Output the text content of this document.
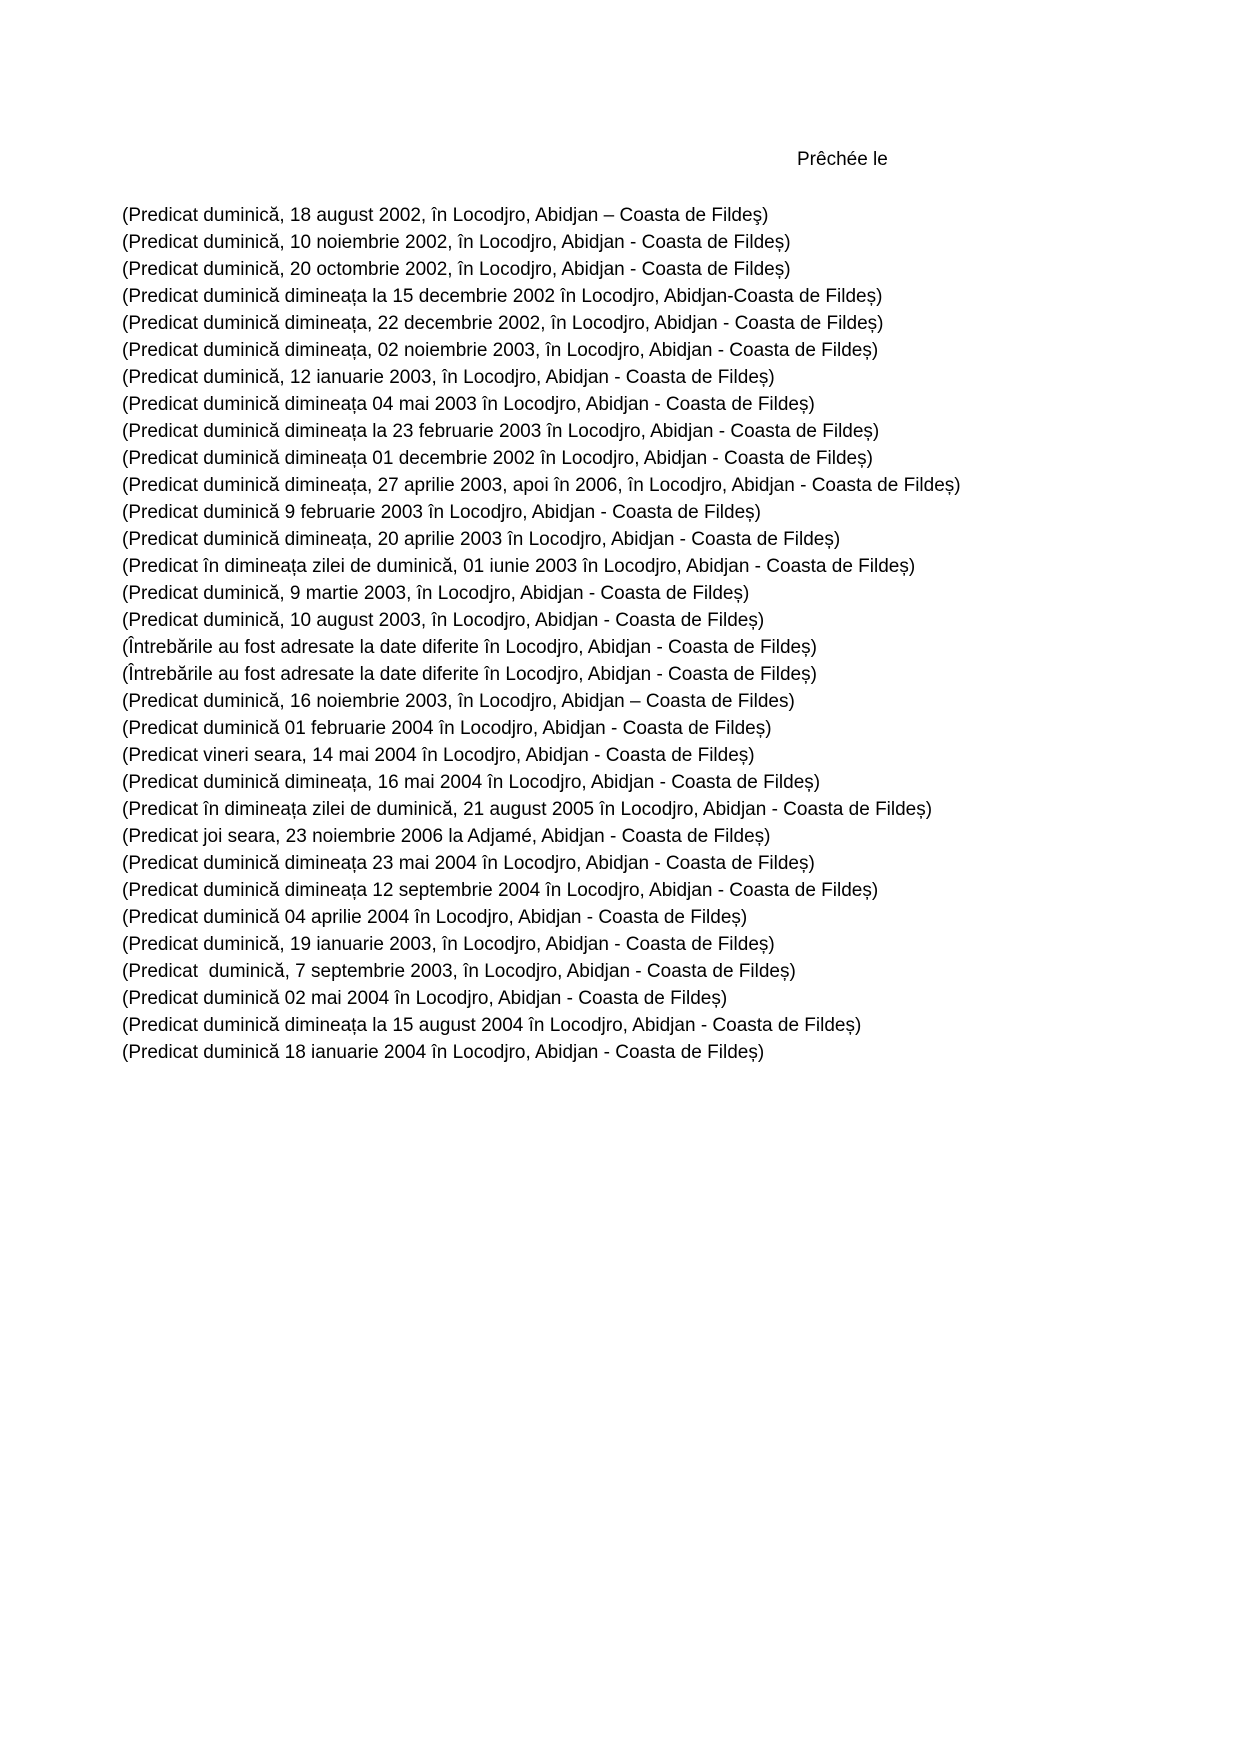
Prêchée le
(Predicat duminică, 18 august 2002, în Locodjro, Abidjan – Coasta de Fildeş)
(Predicat duminică, 10 noiembrie 2002, în Locodjro, Abidjan - Coasta de Fildeș)
(Predicat duminică, 20 octombrie 2002, în Locodjro, Abidjan - Coasta de Fildeș)
(Predicat duminică dimineața la 15 decembrie 2002 în Locodjro, Abidjan-Coasta de Fildeș)
(Predicat duminică dimineața, 22 decembrie 2002, în Locodjro, Abidjan - Coasta de Fildeș)
(Predicat duminică dimineața, 02 noiembrie 2003, în Locodjro, Abidjan - Coasta de Fildeș)
(Predicat duminică, 12 ianuarie 2003, în Locodjro, Abidjan - Coasta de Fildeș)
(Predicat duminică dimineața 04 mai 2003 în Locodjro, Abidjan - Coasta de Fildeș)
(Predicat duminică dimineața la 23 februarie 2003 în Locodjro, Abidjan - Coasta de Fildeș)
(Predicat duminică dimineața 01 decembrie 2002 în Locodjro, Abidjan - Coasta de Fildeș)
(Predicat duminică dimineața, 27 aprilie 2003, apoi în 2006, în Locodjro, Abidjan - Coasta de Fildeș)
(Predicat duminică 9 februarie 2003 în Locodjro, Abidjan - Coasta de Fildeș)
(Predicat duminică dimineața, 20 aprilie 2003 în Locodjro, Abidjan - Coasta de Fildeș)
(Predicat în dimineața zilei de duminică, 01 iunie 2003 în Locodjro, Abidjan - Coasta de Fildeș)
(Predicat duminică, 9 martie 2003, în Locodjro, Abidjan - Coasta de Fildeș)
(Predicat duminică, 10 august 2003, în Locodjro, Abidjan - Coasta de Fildeș)
(Întrebările au fost adresate la date diferite în Locodjro, Abidjan - Coasta de Fildeș)
(Întrebările au fost adresate la date diferite în Locodjro, Abidjan - Coasta de Fildeș)
(Predicat duminică, 16 noiembrie 2003, în Locodjro, Abidjan – Coasta de Fildes)
(Predicat duminică 01 februarie 2004 în Locodjro, Abidjan - Coasta de Fildeș)
(Predicat vineri seara, 14 mai 2004 în Locodjro, Abidjan - Coasta de Fildeș)
(Predicat duminică dimineața, 16 mai 2004 în Locodjro, Abidjan - Coasta de Fildeș)
(Predicat în dimineața zilei de duminică, 21 august 2005 în Locodjro, Abidjan - Coasta de Fildeș)
(Predicat joi seara, 23 noiembrie 2006 la Adjamé, Abidjan - Coasta de Fildeș)
(Predicat duminică dimineața 23 mai 2004 în Locodjro, Abidjan - Coasta de Fildeș)
(Predicat duminică dimineața 12 septembrie 2004 în Locodjro, Abidjan - Coasta de Fildeș)
(Predicat duminică 04 aprilie 2004 în Locodjro, Abidjan - Coasta de Fildeș)
(Predicat duminică, 19 ianuarie 2003, în Locodjro, Abidjan - Coasta de Fildeș)
(Predicat  duminică, 7 septembrie 2003, în Locodjro, Abidjan - Coasta de Fildeș)
(Predicat duminică 02 mai 2004 în Locodjro, Abidjan - Coasta de Fildeș)
(Predicat duminică dimineața la 15 august 2004 în Locodjro, Abidjan - Coasta de Fildeș)
(Predicat duminică 18 ianuarie 2004 în Locodjro, Abidjan - Coasta de Fildeș)
